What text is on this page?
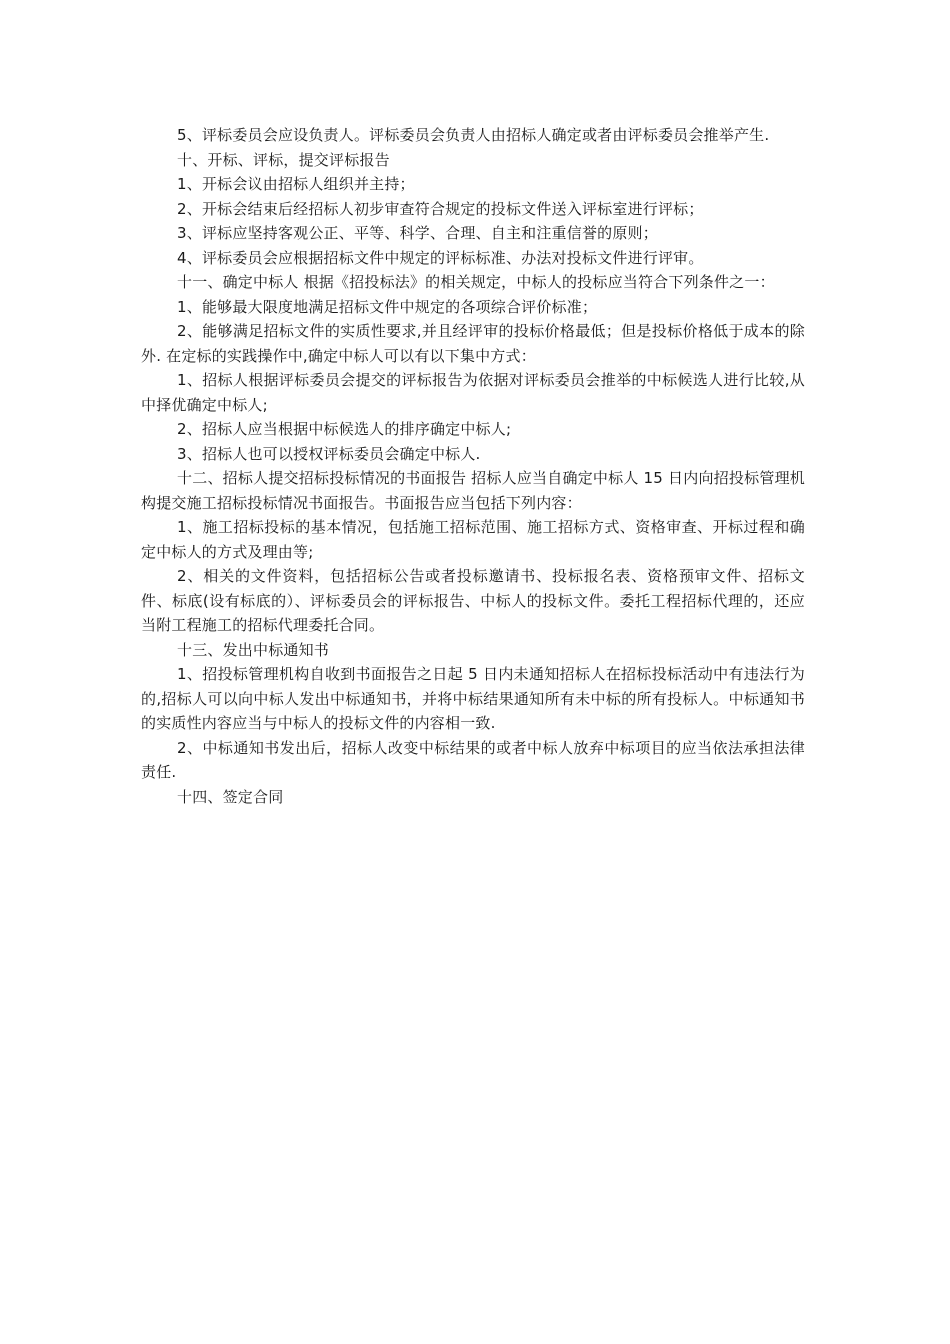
5、评标委员会应设负责人。评标委员会负责人由招标人确定或者由评标委员会推举产生.

十、开标、评标，提交评标报告

1、开标会议由招标人组织并主持；

2、开标会结束后经招标人初步审查符合规定的投标文件送入评标室进行评标；

3、评标应坚持客观公正、平等、科学、合理、自主和注重信誉的原则；

4、评标委员会应根据招标文件中规定的评标标准、办法对投标文件进行评审。

十一、确定中标人 根据《招投标法》的相关规定，中标人的投标应当符合下列条件之一：

1、能够最大限度地满足招标文件中规定的各项综合评价标准；

2、能够满足招标文件的实质性要求,并且经评审的投标价格最低；但是投标价格低于成本的除外. 在定标的实践操作中,确定中标人可以有以下集中方式：

1、招标人根据评标委员会提交的评标报告为依据对评标委员会推举的中标候选人进行比较,从中择优确定中标人;

2、招标人应当根据中标候选人的排序确定中标人;

3、招标人也可以授权评标委员会确定中标人.

十二、招标人提交招标投标情况的书面报告 招标人应当自确定中标人 15 日内向招投标管理机构提交施工招标投标情况书面报告。书面报告应当包括下列内容：

1、施工招标投标的基本情况，包括施工招标范围、施工招标方式、资格审查、开标过程和确定中标人的方式及理由等;

2、相关的文件资料，包括招标公告或者投标邀请书、投标报名表、资格预审文件、招标文件、标底(设有标底的）、评标委员会的评标报告、中标人的投标文件。委托工程招标代理的，还应当附工程施工的招标代理委托合同。

十三、发出中标通知书

1、招投标管理机构自收到书面报告之日起 5 日内未通知招标人在招标投标活动中有违法行为的,招标人可以向中标人发出中标通知书，并将中标结果通知所有未中标的所有投标人。中标通知书的实质性内容应当与中标人的投标文件的内容相一致.

2、中标通知书发出后，招标人改变中标结果的或者中标人放弃中标项目的应当依法承担法律责任.

十四、签定合同
